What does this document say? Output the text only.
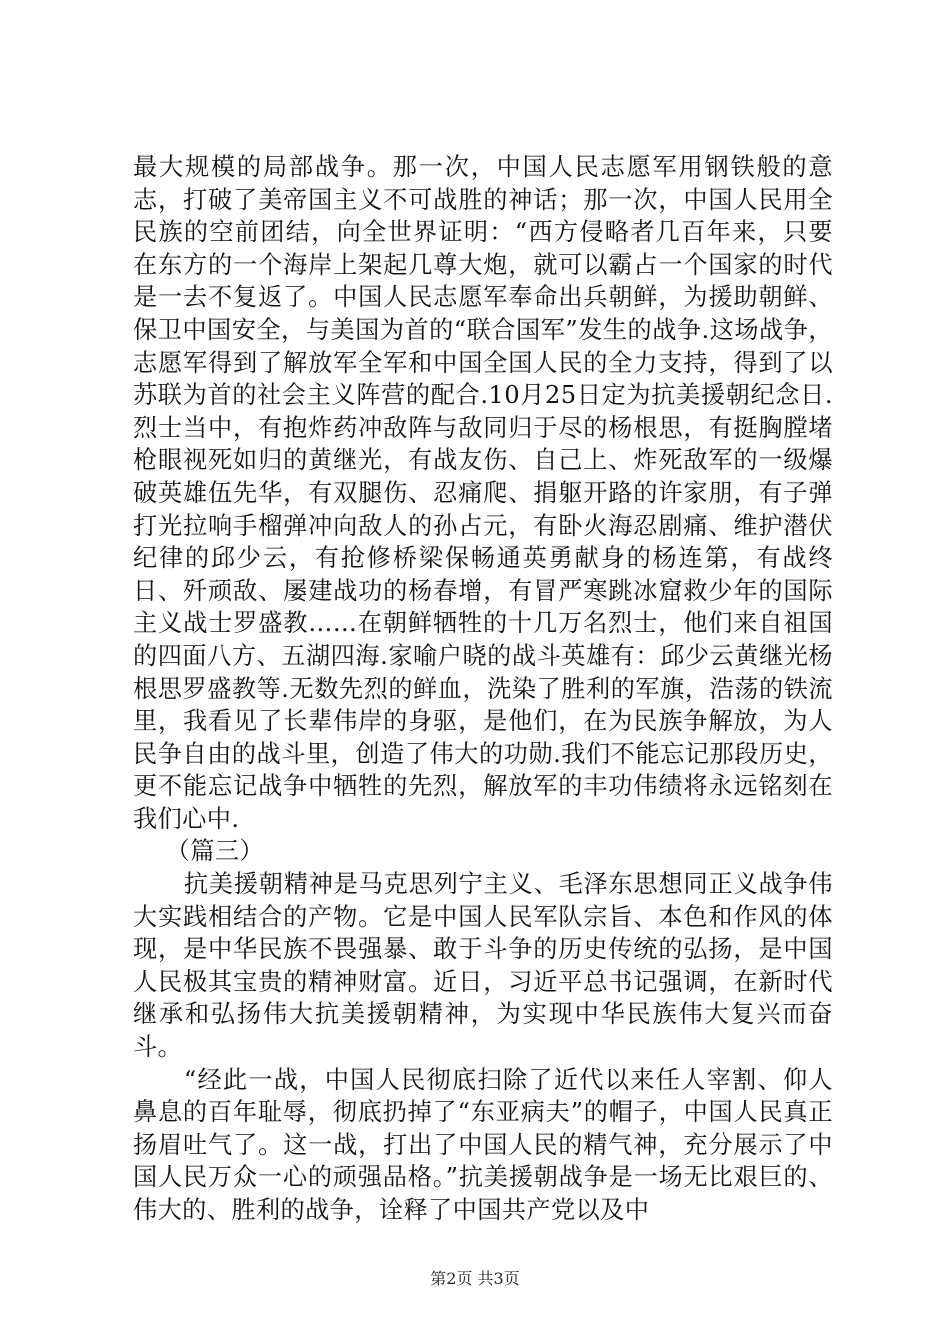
最大规模的局部战争。那一次，中国人民志愿军用钢铁般的意志，打破了美帝国主义不可战胜的神话；那一次，中国人民用全民族的空前团结，向全世界证明：“西方侵略者几百年来，只要在东方的一个海岸上架起几尊大炮，就可以霸占一个国家的时代是一去不复返了。中国人民志愿军奉命出兵朝鲜，为援助朝鲜、保卫中国安全，与美国为首的“联合国军”发生的战争.这场战争，志愿军得到了解放军全军和中国全国人民的全力支持，得到了以苏联为首的社会主义阵营的配合.10月25日定为抗美援朝纪念日.烈士当中，有抱炸药冲敌阵与敌同归于尽的杨根思，有挺胸膛堵枪眼视死如归的黄继光，有战友伤、自己上、炸死敌军的一级爆破英雄伍先华，有双腿伤、忍痛爬、捐躯开路的许家朋，有子弹打光拉响手榴弹冲向敌人的孙占元，有卧火海忍剧痛、维护潜伏纪律的邱少云，有抢修桥梁保畅通英勇献身的杨连第，有战终日、歼顽敌、屡建战功的杨春增，有冒严寒跳冰窟救少年的国际主义战士罗盛教……在朝鲜牺牲的十几万名烈士，他们来自祖国的四面八方、五湖四海.家喻户晓的战斗英雄有：邱少云黄继光杨根思罗盛教等.无数先烈的鲜血，洗染了胜利的军旗，浩荡的铁流里，我看见了长辈伟岸的身驱，是他们，在为民族争解放，为人民争自由的战斗里，创造了伟大的功勋.我们不能忘记那段历史，更不能忘记战争中牺牲的先烈，解放军的丰功伟绩将永远铭刻在我们心中.

（篇三）

抗美援朝精神是马克思列宁主义、毛泽东思想同正义战争伟大实践相结合的产物。它是中国人民军队宗旨、本色和作风的体现，是中华民族不畏强暴、敢于斗争的历史传统的弘扬，是中国人民极其宝贵的精神财富。近日，习近平总书记强调，在新时代继承和弘扬伟大抗美援朝精神，为实现中华民族伟大复兴而奋斗。

“经此一战，中国人民彻底扫除了近代以来任人宰割、仰人鼻息的百年耻辱，彻底扔掉了“东亚病夫”的帽子，中国人民真正扬眉吐气了。这一战，打出了中国人民的精气神，充分展示了中国人民万众一心的顽强品格。”抗美援朝战争是一场无比艰巨的、伟大的、胜利的战争，诠释了中国共产党以及中

第2页 共3页
